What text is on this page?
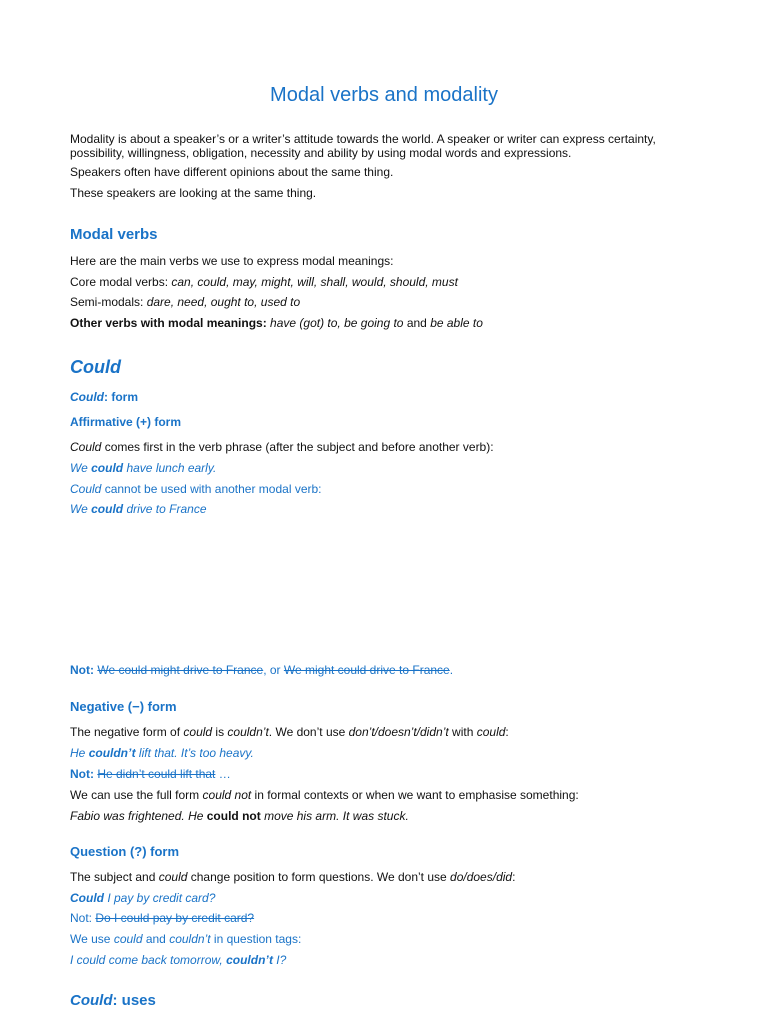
Modal verbs and modality
Modality is about a speaker’s or a writer’s attitude towards the world. A speaker or writer can express certainty, possibility, willingness, obligation, necessity and ability by using modal words and expressions.
Speakers often have different opinions about the same thing.
These speakers are looking at the same thing.
Modal verbs
Here are the main verbs we use to express modal meanings:
Core modal verbs: can, could, may, might, will, shall, would, should, must
Semi-modals: dare, need, ought to, used to
Other verbs with modal meanings: have (got) to, be going to and be able to
Could
Could: form
Affirmative (+) form
Could comes first in the verb phrase (after the subject and before another verb):
We could have lunch early.
Could cannot be used with another modal verb:
We could drive to France
Not: We could might drive to France, or We might could drive to France.
Negative (−) form
The negative form of could is couldn’t. We don’t use don’t/doesn’t/didn’t with could:
He couldn’t lift that. It’s too heavy.
Not: He didn’t could lift that …
We can use the full form could not in formal contexts or when we want to emphasise something:
Fabio was frightened. He could not move his arm. It was stuck.
Question (?) form
The subject and could change position to form questions. We don’t use do/does/did:
Could I pay by credit card?
Not: Do I could pay by credit card?
We use could and couldn’t in question tags:
I could come back tomorrow, couldn’t I?
Could: uses
